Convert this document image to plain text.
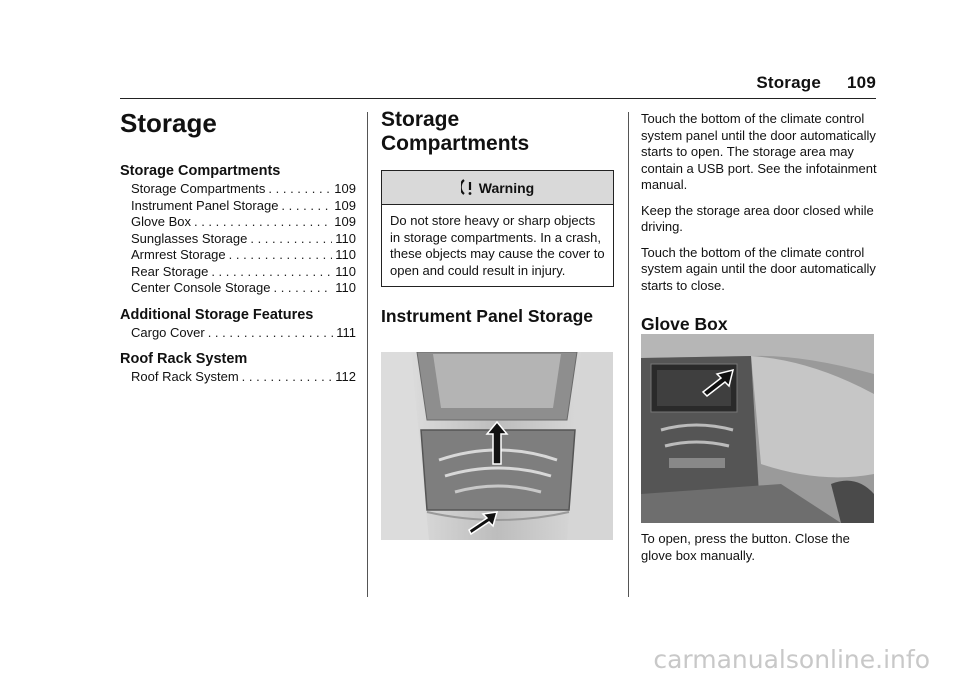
Storage 109
Storage
Storage Compartments
Storage Compartments . . .	109
Instrument Panel Storage . . .	109
Glove Box . . .	109
Sunglasses Storage . . .	110
Armrest Storage . . .	110
Rear Storage . . .	110
Center Console Storage . . .	110
Additional Storage Features
Cargo Cover . . .	111
Roof Rack System
Roof Rack System . . .	112
Storage
Compartments
Warning
Do not store heavy or sharp objects in storage compartments. In a crash, these objects may cause the cover to open and could result in injury.
Instrument Panel Storage

Touch the bottom of the climate control system panel until the door automatically starts to open. The storage area may contain a USB port. See the infotainment manual.

Keep the storage area door closed while driving.

Touch the bottom of the climate control system again until the door automatically starts to close.

Glove Box
To open, press the button. Close the glove box manually.
carmanualsonline.info
